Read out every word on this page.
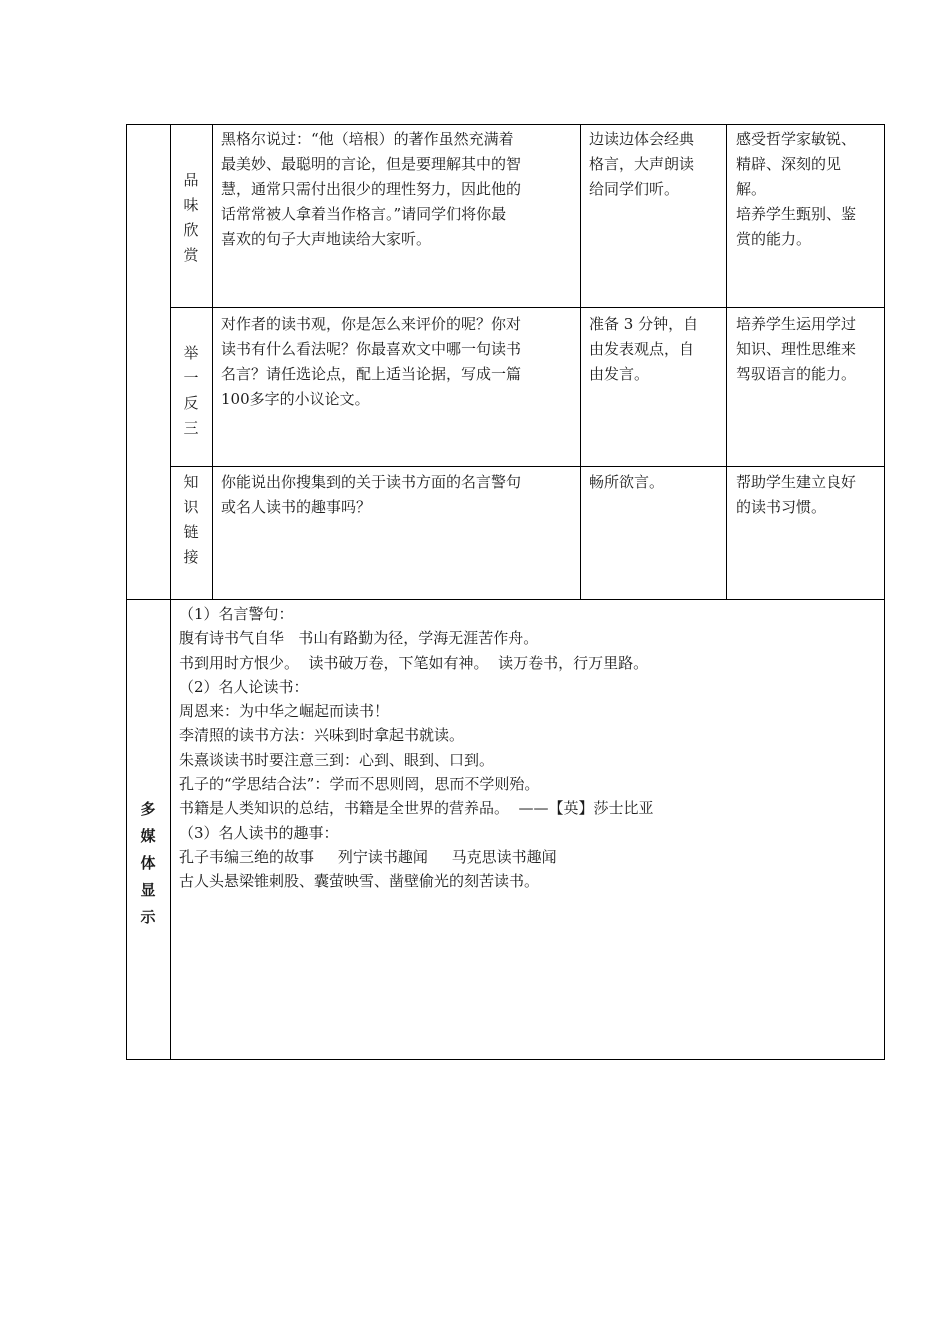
品
味
欣
赏

黑格尔说过：“他（培根）的著作虽然充满着

最美妙、最聪明的言论，但是要理解其中的智

慧，通常只需付出很少的理性努力，因此他的

话常常被人拿着当作格言。”请同学们将你最

喜欢的句子大声地读给大家听。

边读边体会经典

格言，大声朗读

给同学们听。

感受哲学家敏锐、

精辟、深刻的见

解。

培养学生甄别、鉴

赏的能力。

举
一
反
三

对作者的读书观，你是怎么来评价的呢？你对

读书有什么看法呢？你最喜欢文中哪一句读书

名言？请任选论点，配上适当论据，写成一篇

100多字的小议论文。

准备 3 分钟，自

由发表观点，自

由发言。

培养学生运用学过

知识、理性思维来

驾驭语言的能力。

知
识
链
接

你能说出你搜集到的关于读书方面的名言警句

或名人读书的趣事吗？

畅所欲言。	帮助学生建立良好

的读书习惯。

多
媒
体
显
示

（1）名言警句：

腹有诗书气自华   书山有路勤为径，学海无涯苦作舟。

书到用时方恨少。  读书破万卷，下笔如有神。  读万卷书，行万里路。

（2）名人论读书：

周恩来：为中华之崛起而读书！

李清照的读书方法：兴味到时拿起书就读。

朱熹谈读书时要注意三到：心到、眼到、口到。

孔子的“学思结合法”：学而不思则罔，思而不学则殆。

书籍是人类知识的总结，书籍是全世界的营养品。  ——【英】莎士比亚

（3）名人读书的趣事：

孔子韦编三绝的故事     列宁读书趣闻     马克思读书趣闻

古人头悬梁锥刺股、囊萤映雪、凿壁偷光的刻苦读书。
